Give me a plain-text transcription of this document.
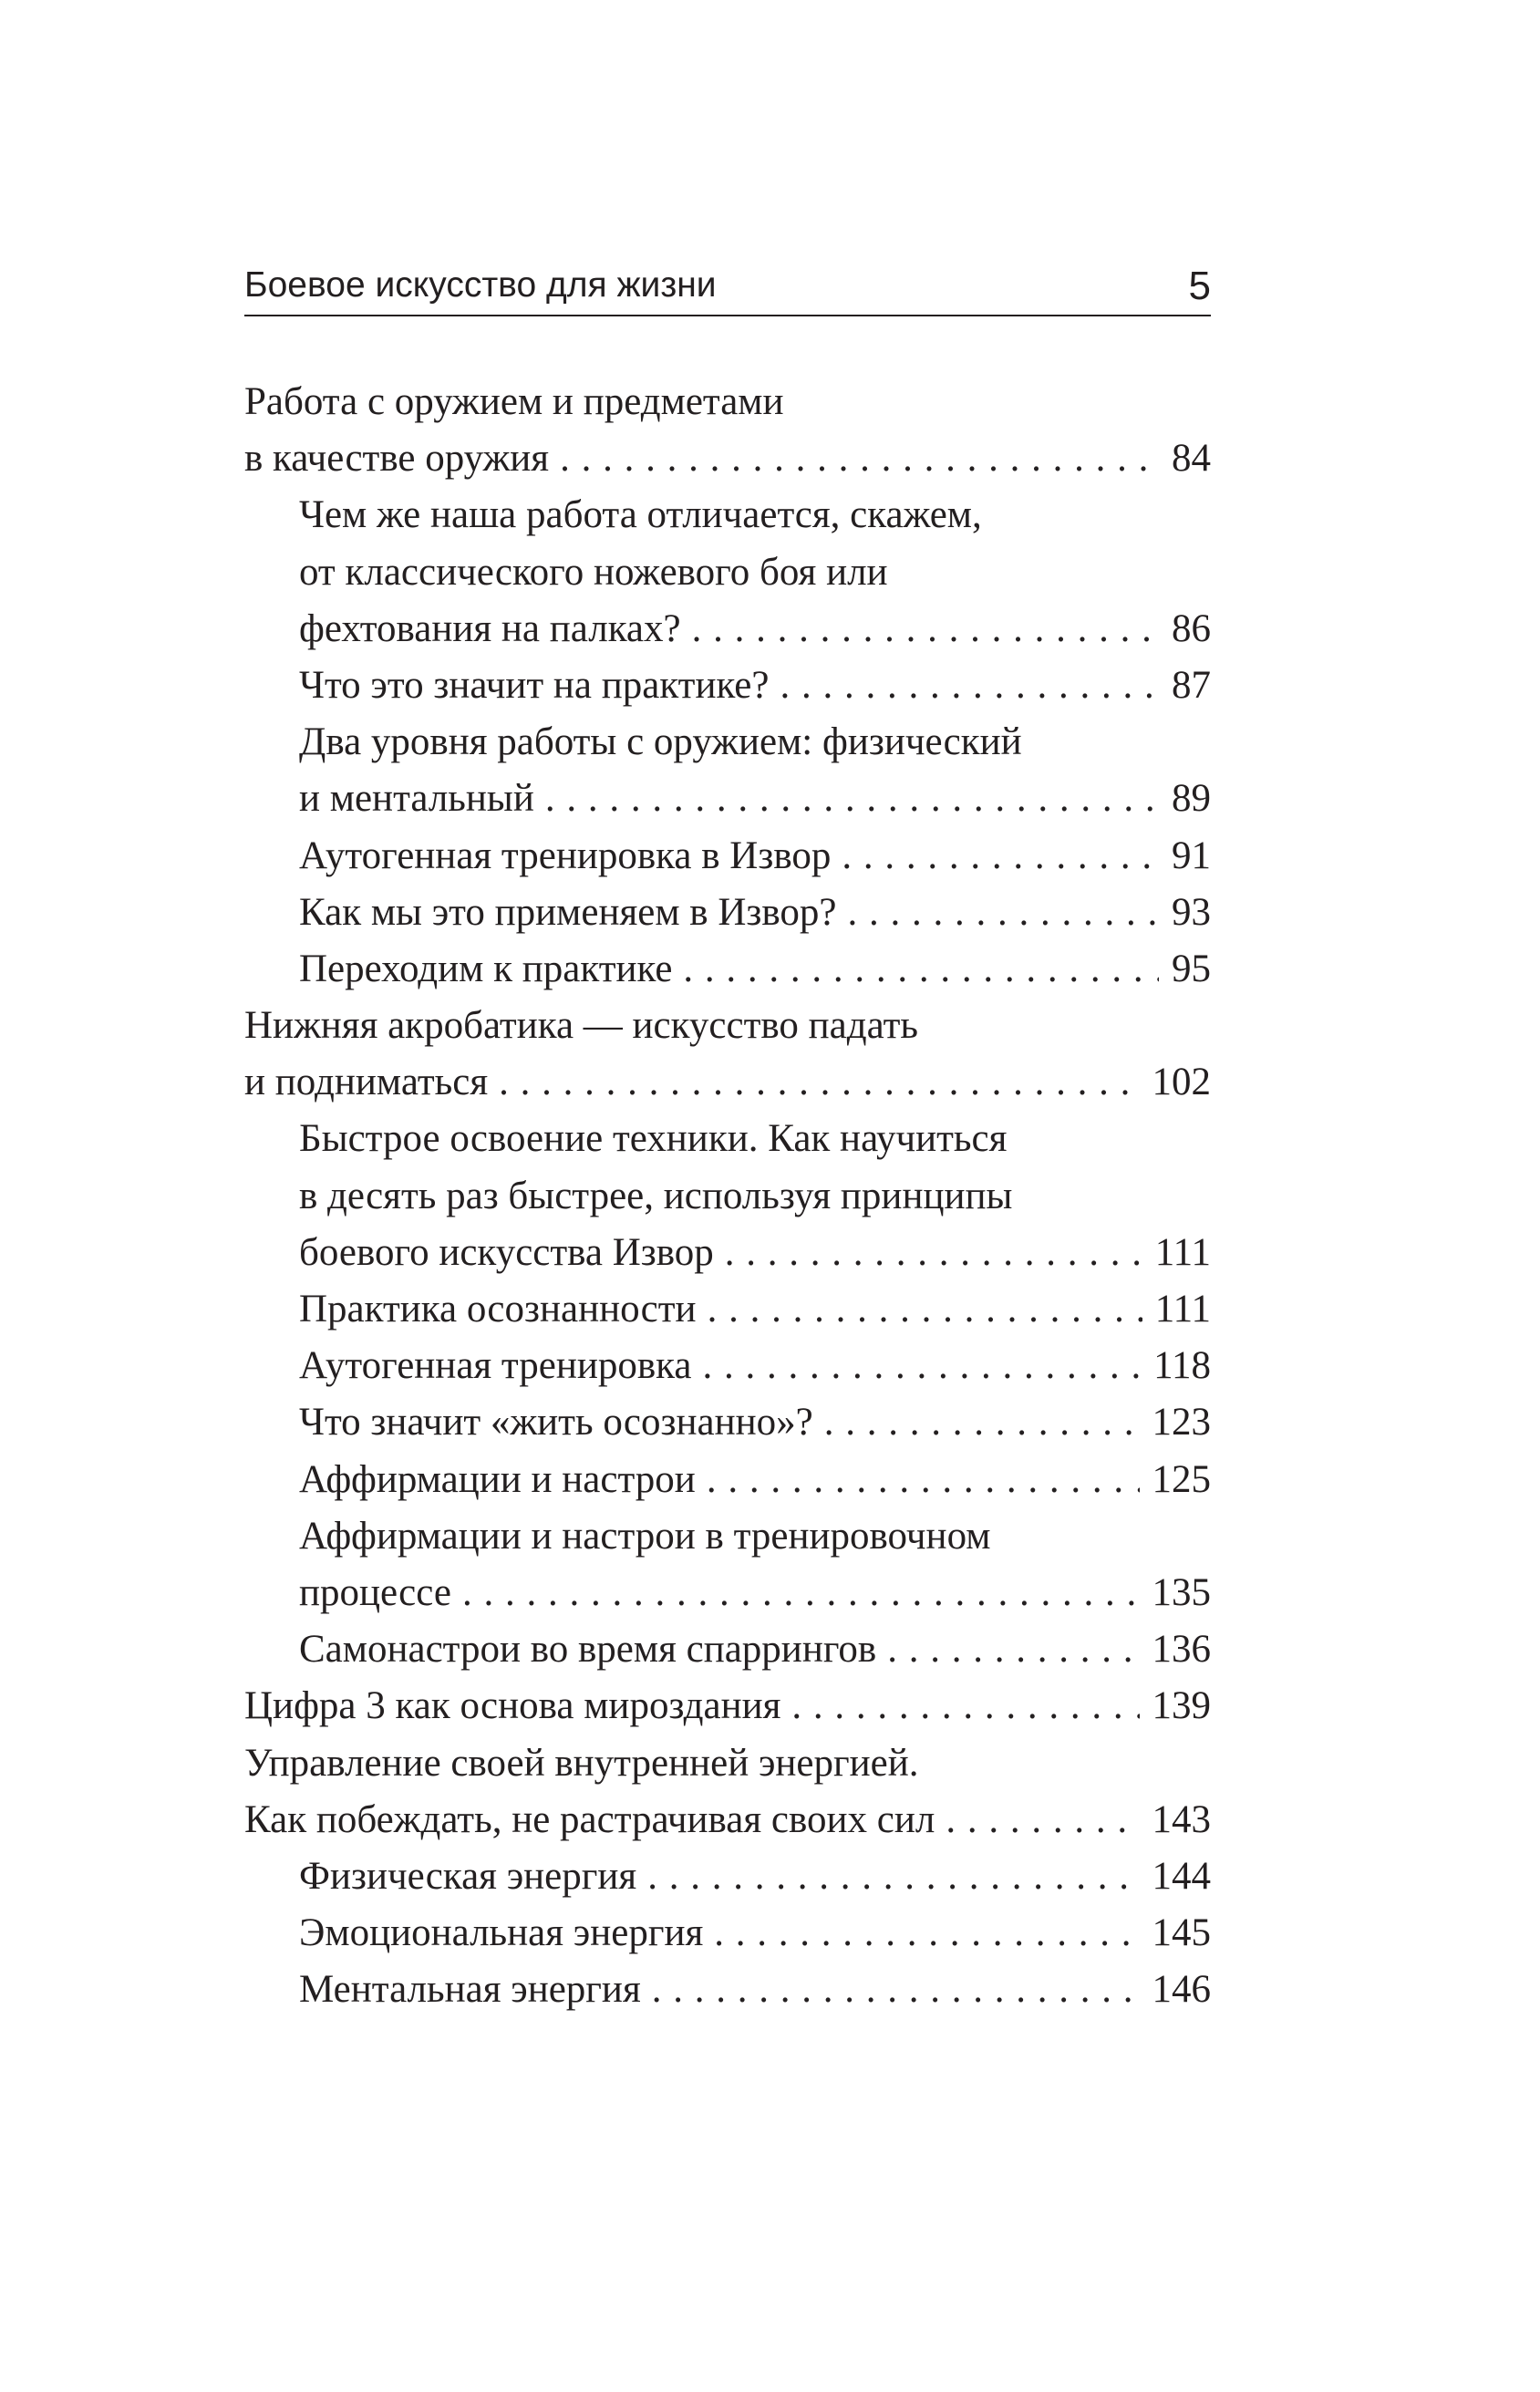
Боевое искусство для жизни	5
Работа с оружием и предметами
в качестве оружия . . .	84
Чем же наша работа отличается, скажем,
от классического ножевого боя или
фехтования на палках? . . .	86
Что это значит на практике? . . .	87
Два уровня работы с оружием: физический
и ментальный . . .	89
Аутогенная тренировка в Извор . . .	91
Как мы это применяем в Извор? . . .	93
Переходим к практике . . .	95
Нижняя акробатика — искусство падать
и подниматься . . .	102
Быстрое освоение техники. Как научиться
в десять раз быстрее, используя принципы
боевого искусства Извор . . .	111
Практика осознанности . . .	111
Аутогенная тренировка . . .	118
Что значит «жить осознанно»? . . .	123
Аффирмации и настрои . . .	125
Аффирмации и настрои в тренировочном
процессе . . .	135
Самонастрои во время спаррингов . . .	136
Цифра 3 как основа мироздания . . .	139
Управление своей внутренней энергией.
Как побеждать, не растрачивая своих сил . . .	143
Физическая энергия . . .	144
Эмоциональная энергия . . .	145
Ментальная энергия . . .	146
